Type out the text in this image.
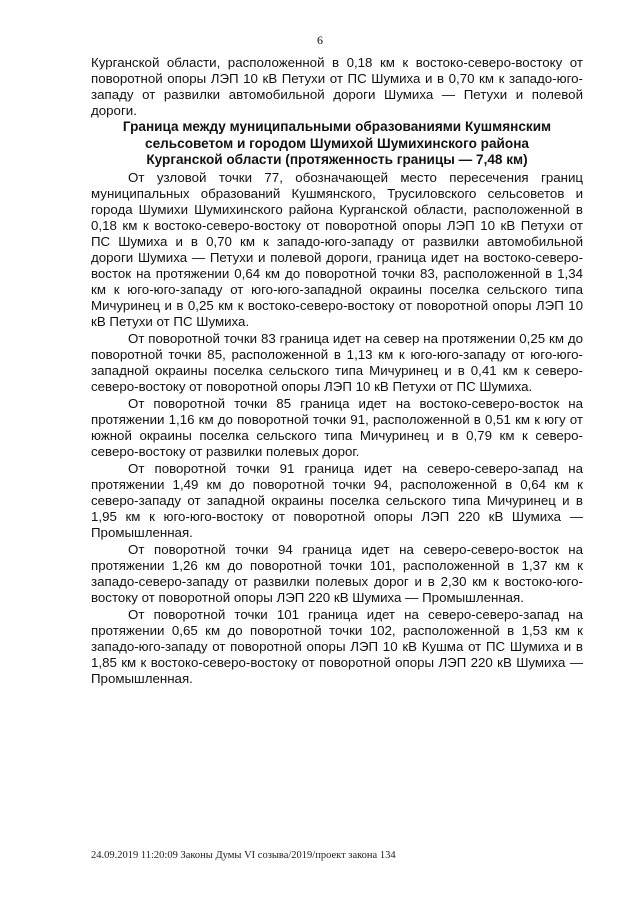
6

Курганской области, расположенной в 0,18 км к востоко-северо-востоку от поворотной опоры ЛЭП 10 кВ Петухи от ПС Шумиха и в 0,70 км к западо-юго-западу от развилки автомобильной дороги Шумиха — Петухи и полевой дороги.

Граница между муниципальными образованиями Кушмянским сельсоветом и городом Шумихой Шумихинского района Курганской области (протяженность границы — 7,48 км)

От узловой точки 77, обозначающей место пересечения границ муниципальных образований Кушмянского, Трусиловского сельсоветов и города Шумихи Шумихинского района Курганской области, расположенной в 0,18 км к востоко-северо-востоку от поворотной опоры ЛЭП 10 кВ Петухи от ПС Шумиха и в 0,70 км к западо-юго-западу от развилки автомобильной дороги Шумиха — Петухи и полевой дороги, граница идет на востоко-северо-восток на протяжении 0,64 км до поворотной точки 83, расположенной в 1,34 км к юго-юго-западу от юго-юго-западной окраины поселка сельского типа Мичуринец и в 0,25 км к востоко-северо-востоку от поворотной опоры ЛЭП 10 кВ Петухи от ПС Шумиха.

От поворотной точки 83 граница идет на север на протяжении 0,25 км до поворотной точки 85, расположенной в 1,13 км к юго-юго-западу от юго-юго-западной окраины поселка сельского типа Мичуринец и в 0,41 км к северо-северо-востоку от поворотной опоры ЛЭП 10 кВ Петухи от ПС Шумиха.

От поворотной точки 85 граница идет на востоко-северо-восток на протяжении 1,16 км до поворотной точки 91, расположенной в 0,51 км к югу от южной окраины поселка сельского типа Мичуринец и в 0,79 км к северо-северо-востоку от развилки полевых дорог.

От поворотной точки 91 граница идет на северо-северо-запад на протяжении 1,49 км до поворотной точки 94, расположенной в 0,64 км к северо-западу от западной окраины поселка сельского типа Мичуринец и в 1,95 км к юго-юго-востоку от поворотной опоры ЛЭП 220 кВ Шумиха — Промышленная.

От поворотной точки 94 граница идет на северо-северо-восток на протяжении 1,26 км до поворотной точки 101, расположенной в 1,37 км к западо-северо-западу от развилки полевых дорог и в 2,30 км к востоко-юго-востоку от поворотной опоры ЛЭП 220 кВ Шумиха — Промышленная.

От поворотной точки 101 граница идет на северо-северо-запад на протяжении 0,65 км до поворотной точки 102, расположенной в 1,53 км к западо-юго-западу от поворотной опоры ЛЭП 10 кВ Кушма от ПС Шумиха и в 1,85 км к востоко-северо-востоку от поворотной опоры ЛЭП 220 кВ Шумиха — Промышленная.

24.09.2019 11:20:09 Законы Думы VI созыва/2019/проект закона 134
